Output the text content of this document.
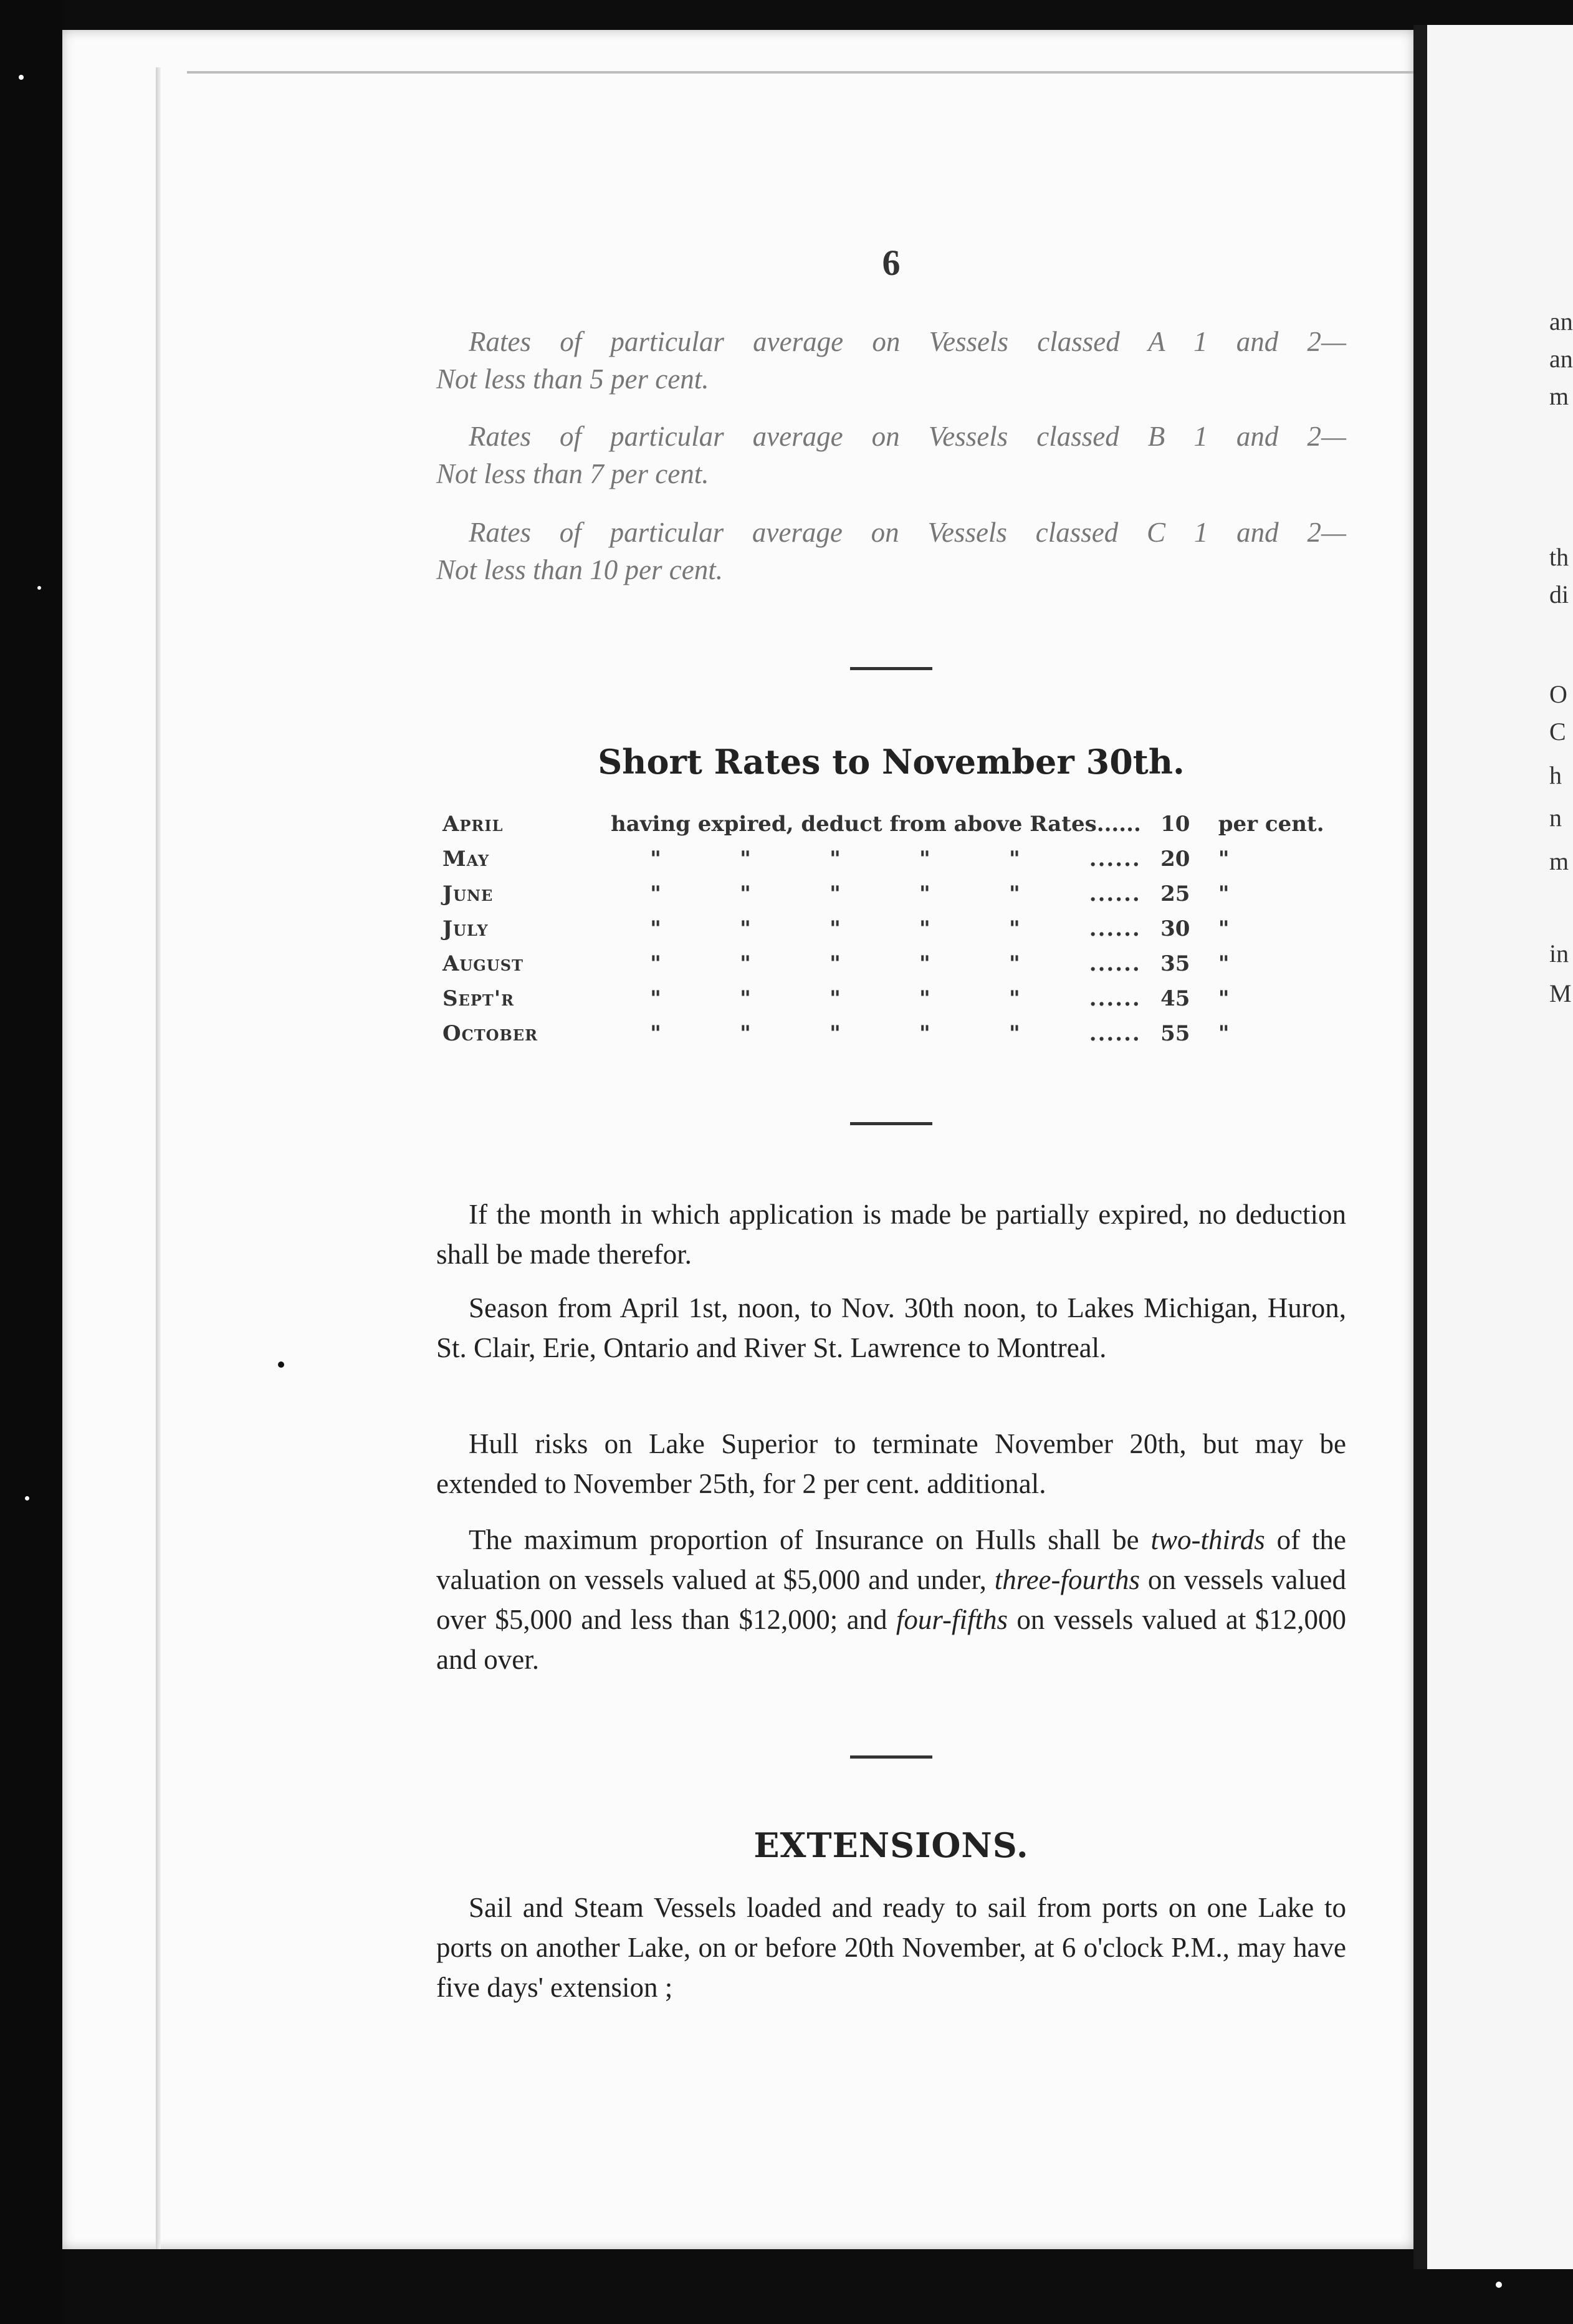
6
Rates of particular average on Vessels classed A 1 and 2—
Not less than 5 per cent.
Rates of particular average on Vessels classed B 1 and 2—
Not less than 7 per cent.
Rates of particular average on Vessels classed C 1 and 2—
Not less than 10 per cent.
Short Rates to November 30th.
April	having expired, deduct from above Rates......						10	per cent.
May	"	"	"	"	"	......	20	"
June	"	"	"	"	"	......	25	"
July	"	"	"	"	"	......	30	"
August	"	"	"	"	"	......	35	"
Sept'r	"	"	"	"	"	......	45	"
October	"	"	"	"	"	......	55	"
If the month in which application is made be partially expired, no deduction shall be made therefor.
Season from April 1st, noon, to Nov. 30th noon, to Lakes Michigan, Huron, St. Clair, Erie, Ontario and River St. Lawrence to Montreal.
Hull risks on Lake Superior to terminate November 20th, but may be extended to November 25th, for 2 per cent. additional.
The maximum proportion of Insurance on Hulls shall be two-thirds of the valuation on vessels valued at $5,000 and under, three-fourths on vessels valued over $5,000 and less than $12,000; and four-fifths on vessels valued at $12,000 and over.
EXTENSIONS.
Sail and Steam Vessels loaded and ready to sail from ports on one Lake to ports on another Lake, on or before 20th November, at 6 o'clock P.M., may have five days' extension ;
an
an
m
th
di
O
C
h
n
m
in
M
